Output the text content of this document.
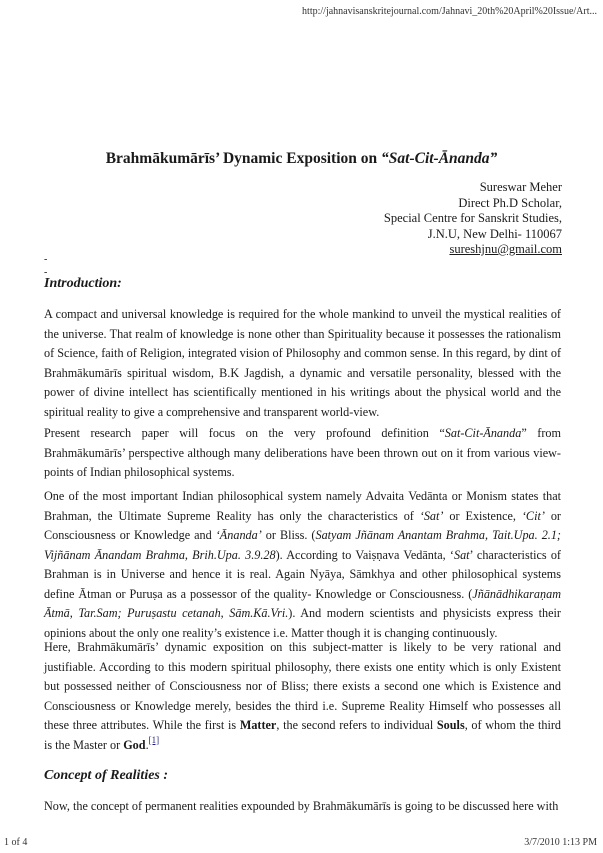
http://jahnavisanskritejournal.com/Jahnavi_20th%20April%20Issue/Art...
Brahmākumārīs’ Dynamic Exposition on “Sat-Cit-Ānanda”
Sureswar Meher
Direct Ph.D Scholar,
Special Centre for Sanskrit Studies,
J.N.U, New Delhi- 110067
sureshjnu@gmail.com
-
-
Introduction:

A compact and universal knowledge is required for the whole mankind to unveil the mystical realities of the universe. That realm of knowledge is none other than Spirituality because it possesses the rationalism of Science, faith of Religion, integrated vision of Philosophy and common sense. In this regard, by dint of Brahmākumārīs spiritual wisdom, B.K Jagdish, a dynamic and versatile personality, blessed with the power of divine intellect has scientifically mentioned in his writings about the physical world and the spiritual reality to give a comprehensive and transparent world-view.

Present research paper will focus on the very profound definition “Sat-Cit-Ānanda” from Brahmākumārīs’ perspective although many deliberations have been thrown out on it from various view-points of Indian philosophical systems.

One of the most important Indian philosophical system namely Advaita Vedānta or Monism states that Brahman, the Ultimate Supreme Reality has only the characteristics of ‘Sat’ or Existence, ‘Cit’ or Consciousness or Knowledge and ‘Ānanda’ or Bliss. (Satyam Jñānam Anantam Brahma, Tait.Upa. 2.1; Vijñānam Ānandam Brahma, Brih.Upa. 3.9.28). According to Vaiṣṇava Vedānta, ‘Sat’ characteristics of Brahman is in Universe and hence it is real. Again Nyāya, Sāmkhya and other philosophical systems define Ātman or Puruṣa as a possessor of the quality- Knowledge or Consciousness. (Jñānādhikaraṇam Ātmā, Tar.Sam; Puruṣastu cetanah, Sām.Kā.Vri.). And modern scientists and physicists express their opinions about the only one reality’s existence i.e. Matter though it is changing continuously.

Here, Brahmākumārīs’ dynamic exposition on this subject-matter is likely to be very rational and justifiable. According to this modern spiritual philosophy, there exists one entity which is only Existent but possessed neither of Consciousness nor of Bliss; there exists a second one which is Existence and Consciousness or Knowledge merely, besides the third i.e. Supreme Reality Himself who possesses all these three attributes. While the first is Matter, the second refers to individual Souls, of whom the third is the Master or God.[1]

Concept of Realities :

Now, the concept of permanent realities expounded by Brahmākumārīs is going to be discussed here with

1 of 4	3/7/2010 1:13 PM
